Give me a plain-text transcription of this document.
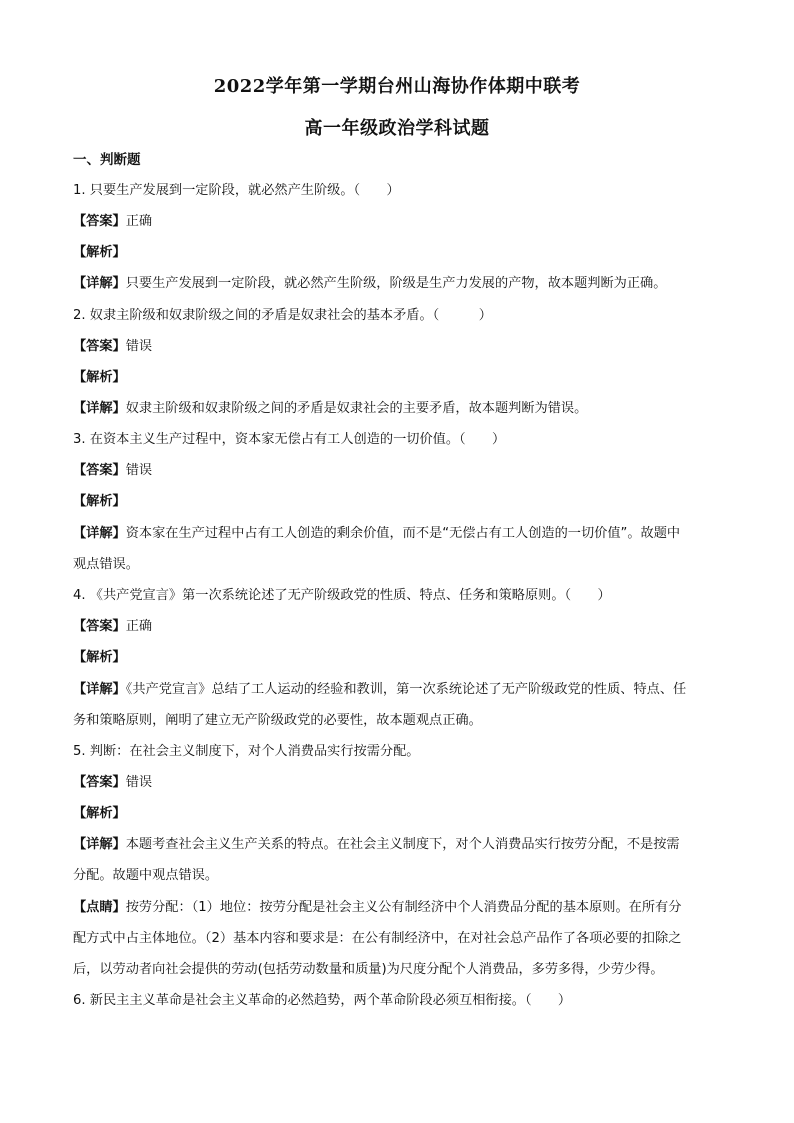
2022学年第一学期台州山海协作体期中联考
高一年级政治学科试题
一、判断题
1. 只要生产发展到一定阶段，就必然产生阶级。（　　）
【答案】正确
【解析】
【详解】只要生产发展到一定阶段，就必然产生阶级，阶级是生产力发展的产物，故本题判断为正确。
2. 奴隶主阶级和奴隶阶级之间的矛盾是奴隶社会的基本矛盾。（　　　）
【答案】错误
【解析】
【详解】奴隶主阶级和奴隶阶级之间的矛盾是奴隶社会的主要矛盾，故本题判断为错误。
3. 在资本主义生产过程中，资本家无偿占有工人创造的一切价值。（　　）
【答案】错误
【解析】
【详解】资本家在生产过程中占有工人创造的剩余价值，而不是“无偿占有工人创造的一切价值”。故题中
观点错误。
4. 《共产党宣言》第一次系统论述了无产阶级政党的性质、特点、任务和策略原则。（　　）
【答案】正确
【解析】
【详解】《共产党宣言》总结了工人运动的经验和教训，第一次系统论述了无产阶级政党的性质、特点、任
务和策略原则，阐明了建立无产阶级政党的必要性，故本题观点正确。
5. 判断：在社会主义制度下，对个人消费品实行按需分配。
【答案】错误
【解析】
【详解】本题考查社会主义生产关系的特点。在社会主义制度下，对个人消费品实行按劳分配，不是按需
分配。故题中观点错误。
【点睛】按劳分配：（1）地位：按劳分配是社会主义公有制经济中个人消费品分配的基本原则。在所有分
配方式中占主体地位。（2）基本内容和要求是：在公有制经济中，在对社会总产品作了各项必要的扣除之
后，以劳动者向社会提供的劳动(包括劳动数量和质量)为尺度分配个人消费品，多劳多得，少劳少得。
6. 新民主主义革命是社会主义革命的必然趋势，两个革命阶段必须互相衔接。（　　）
